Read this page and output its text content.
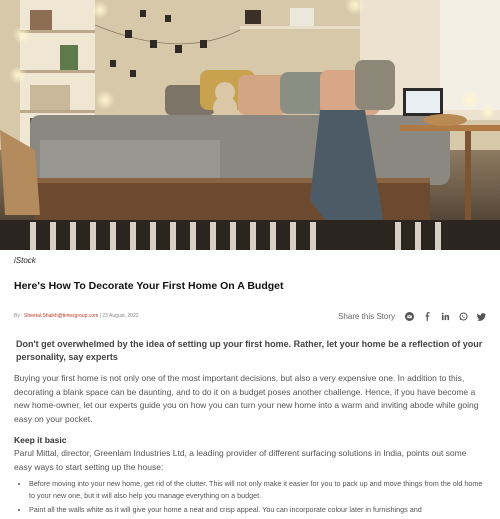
iStock
Here's How To Decorate Your First Home On A Budget
By : Sheetal.Shaikh@timesgroup.com | 23 August, 2022	Share this Story
Don't get overwhelmed by the idea of setting up your first home. Rather, let your home be a reflection of your personality, say experts
Buying your first home is not only one of the most important decisions, but also a very expensive one. In addition to this, decorating a blank space can be daunting, and to do it on a budget poses another challenge. Hence, if you have become a new home-owner, let our experts guide you on how you can turn your new home into a warm and inviting abode while going easy on your pocket.
Keep it basic
Parul Mittal, director, Greenlam Industries Ltd, a leading provider of different surfacing solutions in India, points out some easy ways to start setting up the house:
• Before moving into your new home, get rid of the clutter. This will not only make it easier for you to pack up and move things from the old home to your new one, but it will also help you manage everything on a budget.
• Paint all the walls white as it will give your home a neat and crisp appeal. You can incorporate colour later in furnishings and
